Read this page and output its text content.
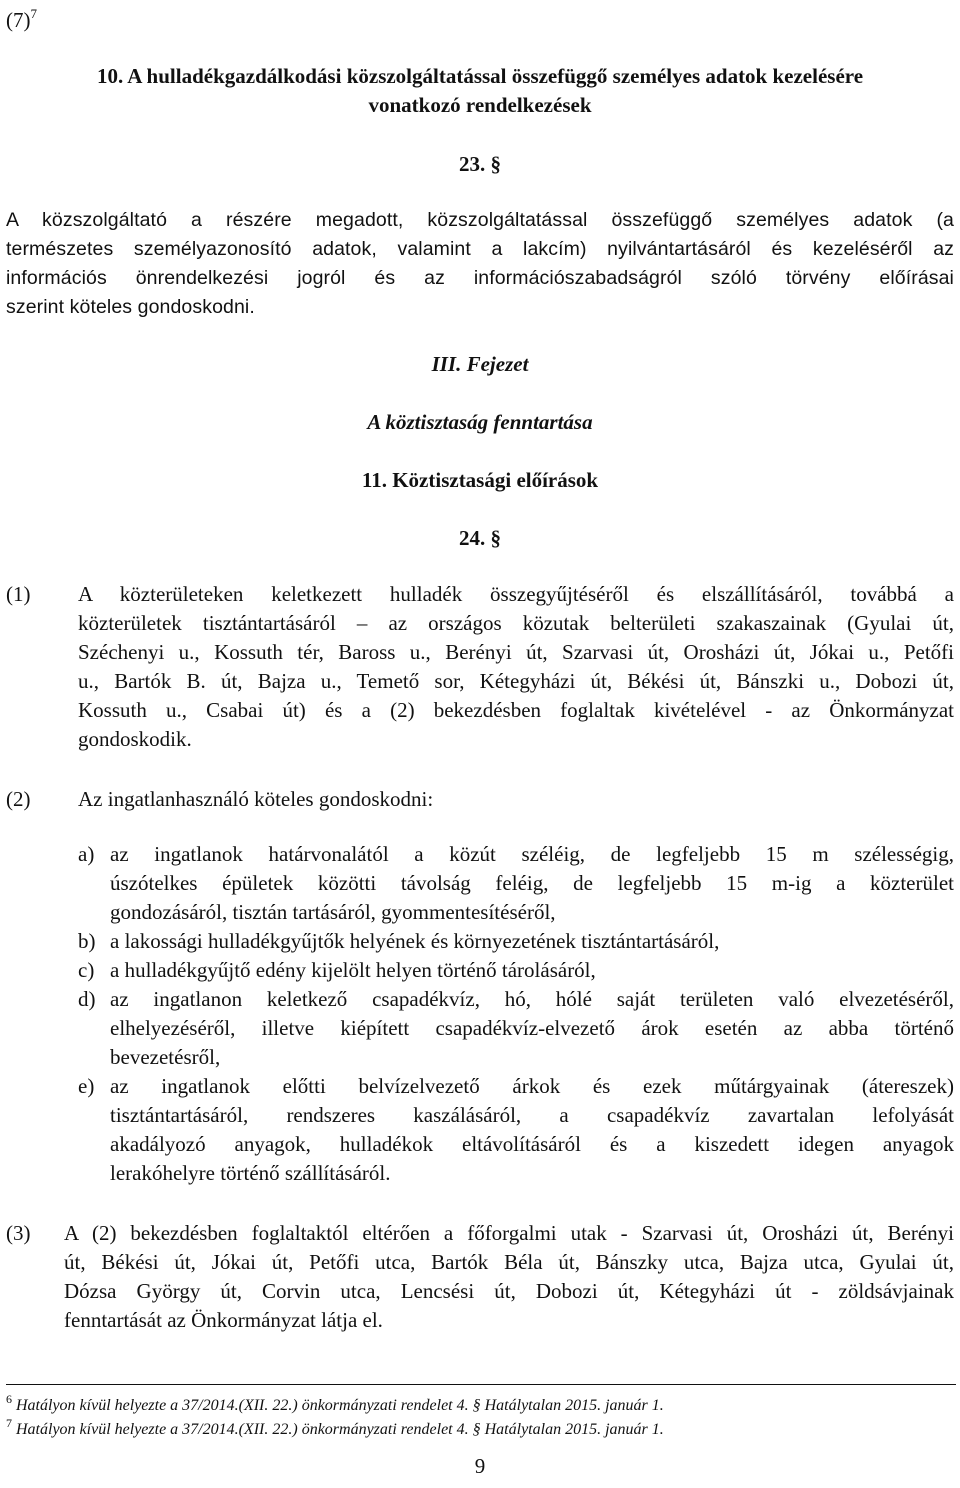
$(7)^7$
10. A hulladékgazdálkodási közszolgáltatással összefüggő személyes adatok kezelésére
vonatkozó rendelkezések
23. §
A közszolgáltató a részére megadott, közszolgáltatással összefüggő személyes adatok (a
természetes személyazonosító adatok, valamint a lakcím) nyilvántartásáról és kezeléséről az
információs önrendelkezési jogról és az információszabadságról szóló törvény előírásai
szerint köteles gondoskodni.
III. Fejezet
A köztisztaság fenntartása
11. Köztisztasági előírások
24. §
(1) A közterületeken keletkezett hulladék összegyűjtéséről és elszállításáról, továbbá a
közterületek tisztántartásáról – az országos közutak belterületi szakaszainak (Gyulai út,
Széchenyi u., Kossuth tér, Baross u., Berényi út, Szarvasi út, Orosházi út, Jókai u., Petőfi
u., Bartók B. út, Bajza u., Temető sor, Kétegyházi út, Békési út, Bánszki u., Dobozi út,
Kossuth u., Csabai út) és a (2) bekezdésben foglaltak kivételével - az Önkormányzat
gondoskodik.
(2) Az ingatlanhasználó köteles gondoskodni:
a) az ingatlanok határvonalától a közút széléig, de legfeljebb 15 m szélességig,
úszótelkes épületek közötti távolság feléig, de legfeljebb 15 m-ig a közterület
gondozásáról, tisztán tartásáról, gyommentesítéséről,
b) a lakossági hulladékgyűjtők helyének és környezetének tisztántartásáról,
c) a hulladékgyűjtő edény kijelölt helyen történő tárolásáról,
d) az ingatlanon keletkező csapadékvíz, hó, hólé saját területen való elvezetéséről,
elhelyezéséről, illetve kiépített csapadékvíz-elvezető árok esetén az abba történő
bevezetésről,
e) az ingatlanok előtti belvízelvezető árkok és ezek műtárgyainak (átereszek)
tisztántartásáról, rendszeres kaszálásáról, a csapadékvíz zavartalan lefolyását
akadályozó anyagok, hulladékok eltávolításáról és a kiszedett idegen anyagok
lerakóhelyre történő szállításáról.
(3) A (2) bekezdésben foglaltaktól eltérően a főforgalmi utak - Szarvasi út, Orosházi út, Berényi
út, Békési út, Jókai út, Petőfi utca, Bartók Béla út, Bánszky utca, Bajza utca, Gyulai út,
Dózsa György út, Corvin utca, Lencsési út, Dobozi út, Kétegyházi út - zöldsávjainak
fenntartását az Önkormányzat látja el.
$^6$ Hatályon kívül helyezte a 37/2014.(XII. 22.) önkormányzati rendelet 4. § Hatálytalan 2015. január 1.
$^7$ Hatályon kívül helyezte a 37/2014.(XII. 22.) önkormányzati rendelet 4. § Hatálytalan 2015. január 1.
9
